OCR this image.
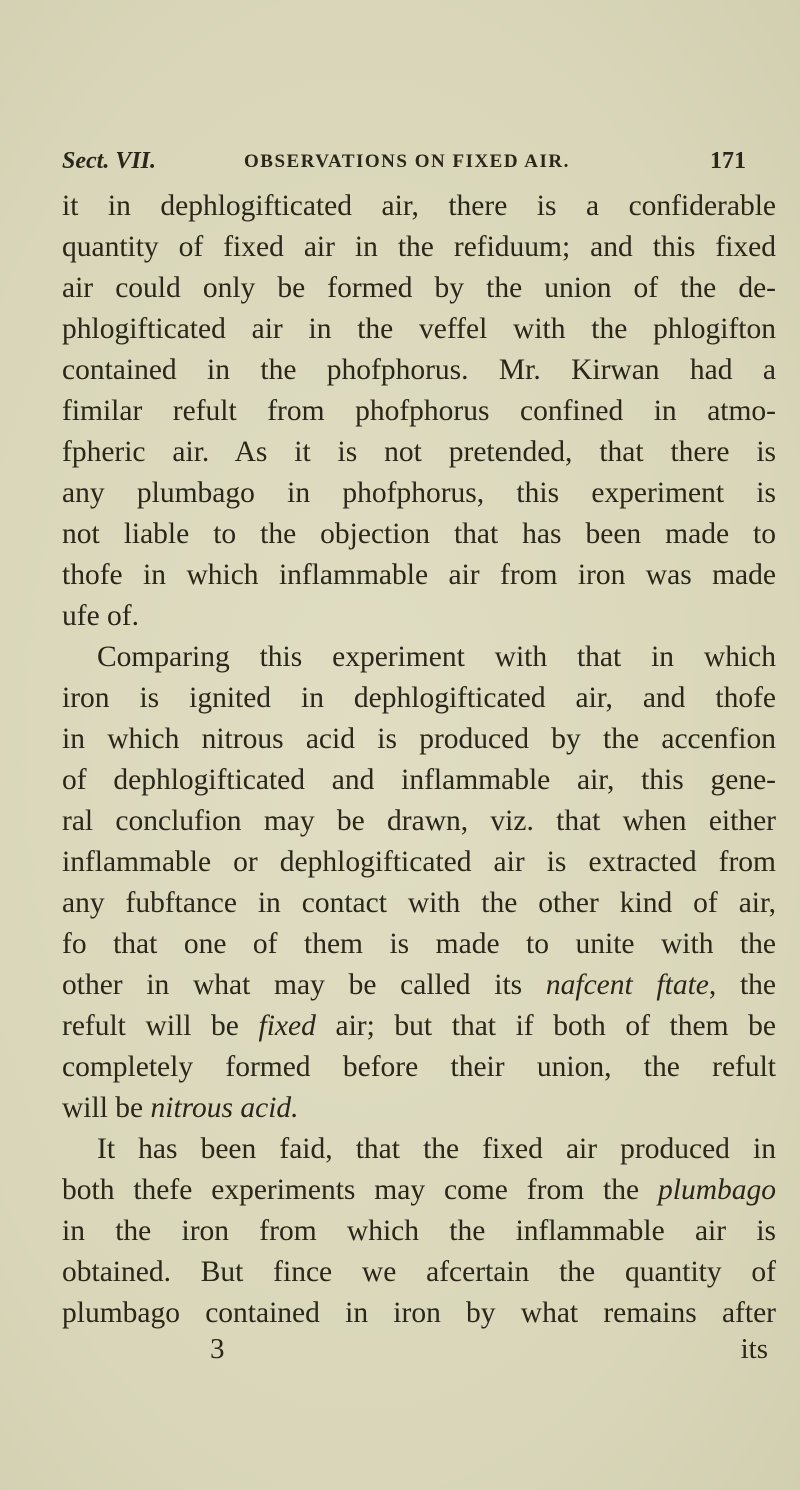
Sect. VII.	OBSERVATIONS ON FIXED AIR.	171
it in dephlogifticated air, there is a confiderable
quantity of fixed air in the refiduum; and this fixed
air could only be formed by the union of the de-
phlogifticated air in the veffel with the phlogifton
contained in the phofphorus. Mr. Kirwan had a
fimilar refult from phofphorus confined in atmo-
fpheric air. As it is not pretended, that there is
any plumbago in phofphorus, this experiment is
not liable to the objection that has been made to
thofe in which inflammable air from iron was made
ufe of.
Comparing this experiment with that in which
iron is ignited in dephlogifticated air, and thofe
in which nitrous acid is produced by the accenfion
of dephlogifticated and inflammable air, this gene-
ral conclufion may be drawn, viz. that when either
inflammable or dephlogifticated air is extracted from
any fubftance in contact with the other kind of air,
fo that one of them is made to unite with the
other in what may be called its nafcent ftate, the
refult will be fixed air; but that if both of them be
completely formed before their union, the refult
will be nitrous acid.
It has been faid, that the fixed air produced in
both thefe experiments may come from the plumbago
in the iron from which the inflammable air is
obtained. But fince we afcertain the quantity of
plumbago contained in iron by what remains after
3	its
